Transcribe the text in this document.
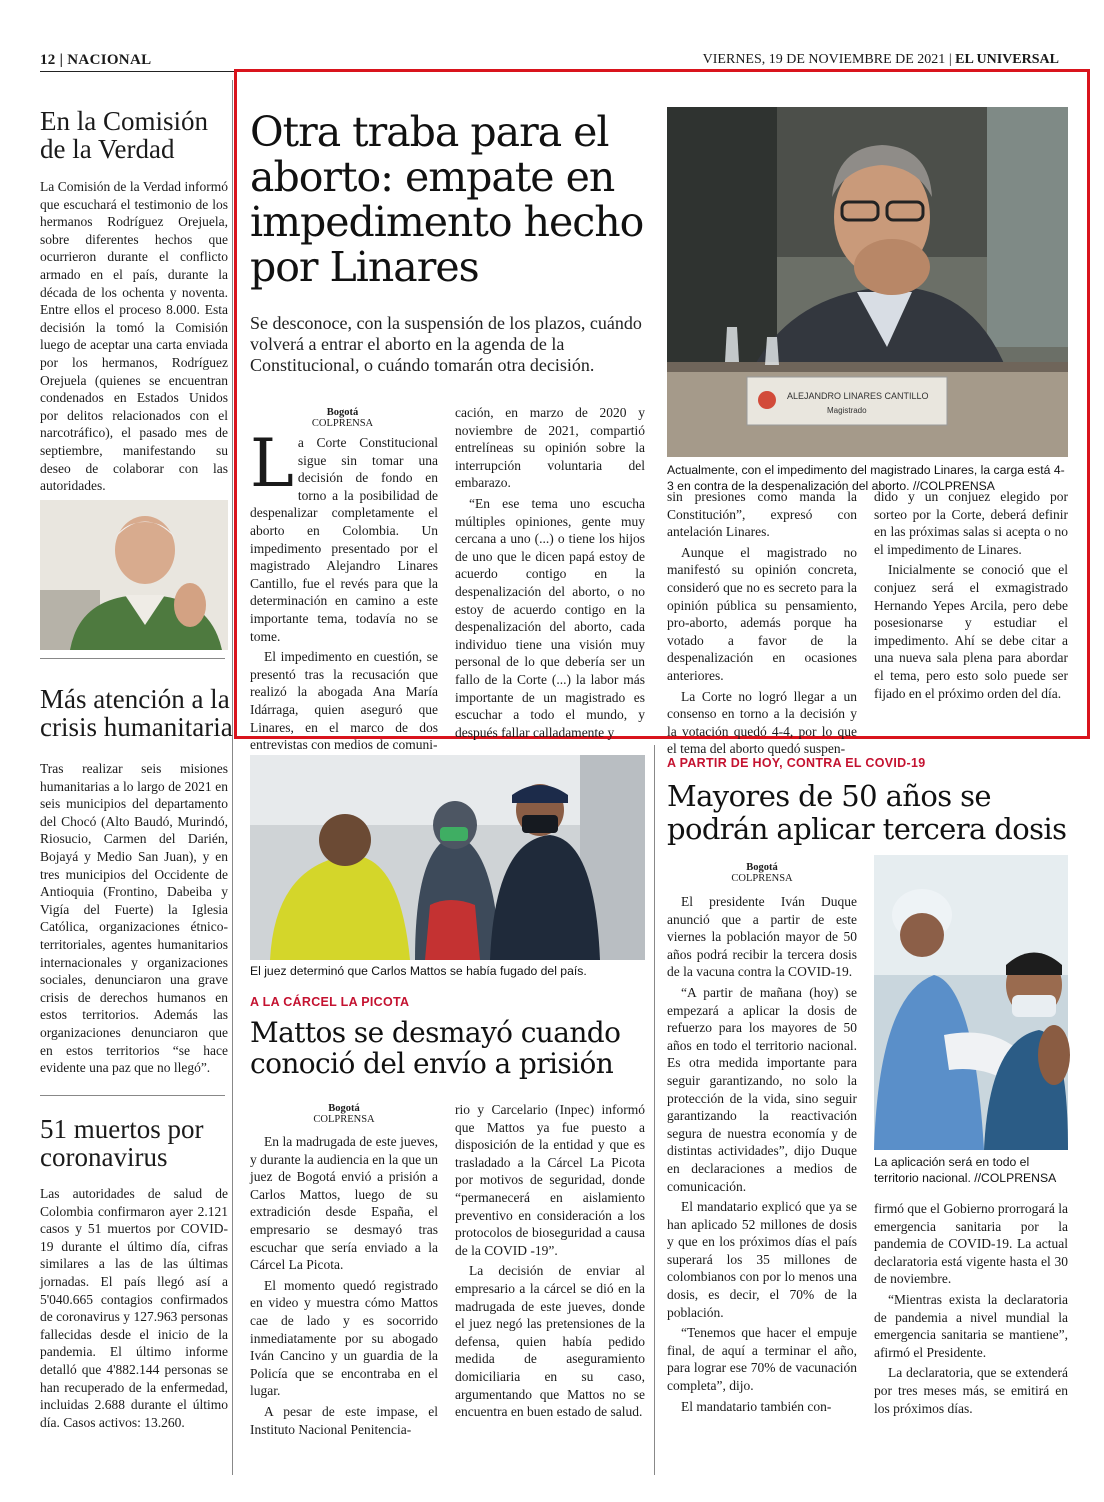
12 | NACIONAL	VIERNES, 19 DE NOVIEMBRE DE 2021 | EL UNIVERSAL
En la Comisión de la Verdad

La Comisión de la Verdad informó que escuchará el testimonio de los hermanos Rodríguez Orejuela, sobre diferentes hechos que ocurrieron durante el conflicto armado en el país, durante la década de los ochenta y noventa. Entre ellos el proceso 8.000. Esta decisión la tomó la Comisión luego de aceptar una carta enviada por los hermanos, Rodríguez Orejuela (quienes se encuentran condenados en Estados Unidos por delitos relacionados con el narcotráfico), el pasado mes de septiembre, manifestando su deseo de colaborar con las autoridades.

Más atención a la crisis humanitaria

Tras realizar seis misiones humanitarias a lo largo de 2021 en seis municipios del departamento del Chocó (Alto Baudó, Murindó, Riosucio, Carmen del Darién, Bojayá y Medio San Juan), y en tres municipios del Occidente de Antioquia (Frontino, Dabeiba y Vigía del Fuerte) la Iglesia Católica, organizaciones étnico- territoriales, agentes humanitarios internacionales y organizaciones sociales, denunciaron una grave crisis de derechos humanos en estos territorios. Además las organizaciones denunciaron que en estos territorios “se hace evidente una paz que no llegó”.

51 muertos por coronavirus

Las autoridades de salud de Colombia confirmaron ayer 2.121 casos y 51 muertos por COVID-19 durante el último día, cifras similares a las de las últimas jornadas. El país llegó así a 5'040.665 contagios confirmados de coronavirus y 127.963 personas fallecidas desde el inicio de la pandemia. El último informe detalló que 4'882.144 personas se han recuperado de la enfermedad, incluidas 2.688 durante el último día. Casos activos: 13.260.

Otra traba para el aborto: empate en impedimento hecho por Linares
Se desconoce, con la suspensión de los plazos, cuándo volverá a entrar el aborto en la agenda de la Constitucional, o cuándo tomarán otra decisión.
ALEJANDRO LINARES CANTILLO
Magistrado
Actualmente, con el impedimento del magistrado Linares, la carga está 4-3 en contra de la despenalización del aborto. //COLPRENSA
Bogotá
COLPRENSA

La Corte Constitucional sigue sin tomar una decisión de fondo en torno a la posibilidad de despenalizar completamente el aborto en Colombia. Un impedimento presentado por el magistrado Alejandro Linares Cantillo, fue el revés para que la determinación en camino a este importante tema, todavía no se tome.

El impedimento en cuestión, se presentó tras la recusación que realizó la abogada Ana María Idárraga, quien aseguró que Linares, en el marco de dos entrevistas con medios de comuni-

cación, en marzo de 2020 y noviembre de 2021, compartió entrelíneas su opinión sobre la interrupción voluntaria del embarazo.

“En ese tema uno escucha múltiples opiniones, gente muy cercana a uno (...) o tiene los hijos de uno que le dicen papá estoy de acuerdo contigo en la despenalización del aborto, o no estoy de acuerdo contigo en la despenalización del aborto, cada individuo tiene una visión muy personal de lo que debería ser un fallo de la Corte (...) la labor más importante de un magistrado es escuchar a todo el mundo, y después fallar calladamente y

sin presiones como manda la Constitución”, expresó con antelación Linares.

Aunque el magistrado no manifestó su opinión concreta, consideró que no es secreto para la opinión pública su pensamiento, pro-aborto, además porque ha votado a favor de la despenalización en ocasiones anteriores.

La Corte no logró llegar a un consenso en torno a la decisión y la votación quedó 4-4, por lo que el tema del aborto quedó suspen-

dido y un conjuez elegido por sorteo por la Corte, deberá definir en las próximas salas si acepta o no el impedimento de Linares.

Inicialmente se conoció que el conjuez será el exmagistrado Hernando Yepes Arcila, pero debe posesionarse y estudiar el impedimento. Ahí se debe citar a una nueva sala plena para abordar el tema, pero esto solo puede ser fijado en el próximo orden del día.

El juez determinó que Carlos Mattos se había fugado del país.
A LA CÁRCEL LA PICOTA
Mattos se desmayó cuando conoció del envío a prisión
Bogotá
COLPRENSA

En la madrugada de este jueves, y durante la audiencia en la que un juez de Bogotá envió a prisión a Carlos Mattos, luego de su extradición desde España, el empresario se desmayó tras escuchar que sería enviado a la Cárcel La Picota.

El momento quedó registrado en video y muestra cómo Mattos cae de lado y es socorrido inmediatamente por su abogado Iván Cancino y un guardia de la Policía que se encontraba en el lugar.

A pesar de este impase, el Instituto Nacional Penitencia-

rio y Carcelario (Inpec) informó que Mattos ya fue puesto a disposición de la entidad y que es trasladado a la Cárcel La Picota por motivos de seguridad, donde “permanecerá en aislamiento preventivo en consideración a los protocolos de bioseguridad a causa de la COVID -19”.

La decisión de enviar al empresario a la cárcel se dió en la madrugada de este jueves, donde el juez negó las pretensiones de la defensa, quien había pedido medida de aseguramiento domiciliaria en su caso, argumentando que Mattos no se encuentra en buen estado de salud.

A PARTIR DE HOY, CONTRA EL COVID-19
Mayores de 50 años se podrán aplicar tercera dosis
Bogotá
COLPRENSA

El presidente Iván Duque anunció que a partir de este viernes la población mayor de 50 años podrá recibir la tercera dosis de la vacuna contra la COVID-19.

“A partir de mañana (hoy) se empezará a aplicar la dosis de refuerzo para los mayores de 50 años en todo el territorio nacional. Es otra medida importante para seguir garantizando, no solo la protección de la vida, sino seguir garantizando la reactivación segura de nuestra economía y de distintas actividades”, dijo Duque en declaraciones a medios de comunicación.

El mandatario explicó que ya se han aplicado 52 millones de dosis y que en los próximos días el país superará los 35 millones de colombianos con por lo menos una dosis, es decir, el 70% de la población.

“Tenemos que hacer el empuje final, de aquí a terminar el año, para lograr ese 70% de vacunación completa”, dijo.

El mandatario también con-

La aplicación será en todo el territorio nacional. //COLPRENSA

firmó que el Gobierno prorrogará la emergencia sanitaria por la pandemia de COVID-19. La actual declaratoria está vigente hasta el 30 de noviembre.

“Mientras exista la declaratoria de pandemia a nivel mundial la emergencia sanitaria se mantiene”, afirmó el Presidente.

La declaratoria, que se extenderá por tres meses más, se emitirá en los próximos días.
